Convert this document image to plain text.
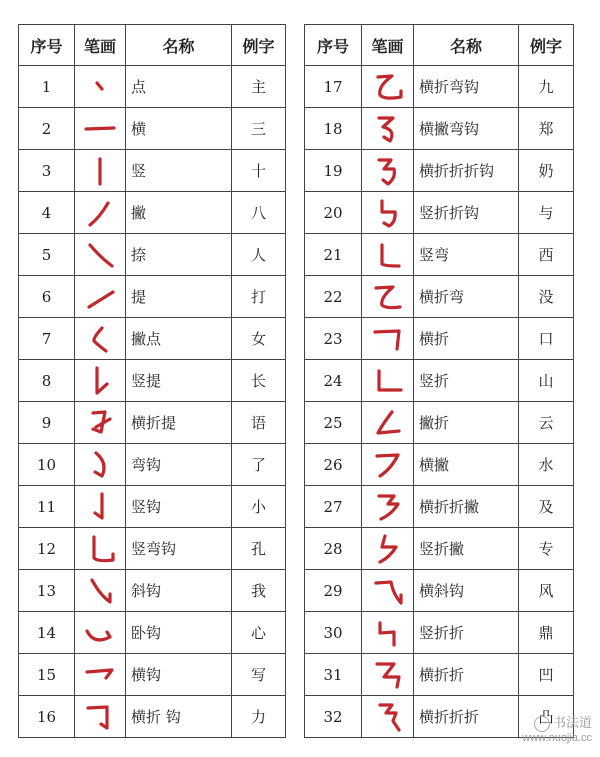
序号	笔画	名称	例字
1		点	主
2		横	三
3		竖	十
4		撇	八
5		捺	人
6		提	打
7		撇点	女
8		竖提	长
9		横折提	语
10		弯钩	了
11		竖钩	小
12		竖弯钩	孔
13		斜钩	我
14		卧钩	心
15		横钩	写
16		横折 钩	力
序号	笔画	名称	例字
17		横折弯钩	九
18		横撇弯钩	郑
19		横折折折钩	奶
20		竖折折钩	与
21		竖弯	西
22		横折弯	没
23		横折	口
24		竖折	山
25		撇折	云
26		横撇	水
27		横折折撇	及
28		竖折撇	专
29		横斜钩	风
30		竖折折	鼎
31		横折折	凹
32		横折折折	凸 书法道
www.nuojia.cc
